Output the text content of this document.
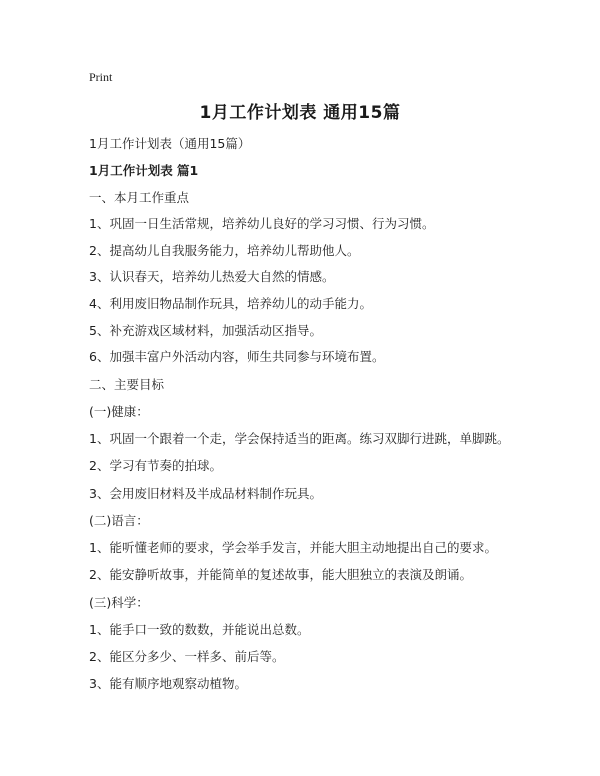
Print
1月工作计划表 通用15篇
1月工作计划表（通用15篇）
1月工作计划表 篇1
一、本月工作重点
1、巩固一日生活常规，培养幼儿良好的学习习惯、行为习惯。
2、提高幼儿自我服务能力，培养幼儿帮助他人。
3、认识春天，培养幼儿热爱大自然的情感。
4、利用废旧物品制作玩具，培养幼儿的动手能力。
5、补充游戏区域材料，加强活动区指导。
6、加强丰富户外活动内容，师生共同参与环境布置。
二、主要目标
(一)健康：
1、巩固一个跟着一个走，学会保持适当的距离。练习双脚行进跳，单脚跳。
2、学习有节奏的拍球。
3、会用废旧材料及半成品材料制作玩具。
(二)语言：
1、能听懂老师的要求，学会举手发言，并能大胆主动地提出自己的要求。
2、能安静听故事，并能简单的复述故事，能大胆独立的表演及朗诵。
(三)科学：
1、能手口一致的数数，并能说出总数。
2、能区分多少、一样多、前后等。
3、能有顺序地观察动植物。
